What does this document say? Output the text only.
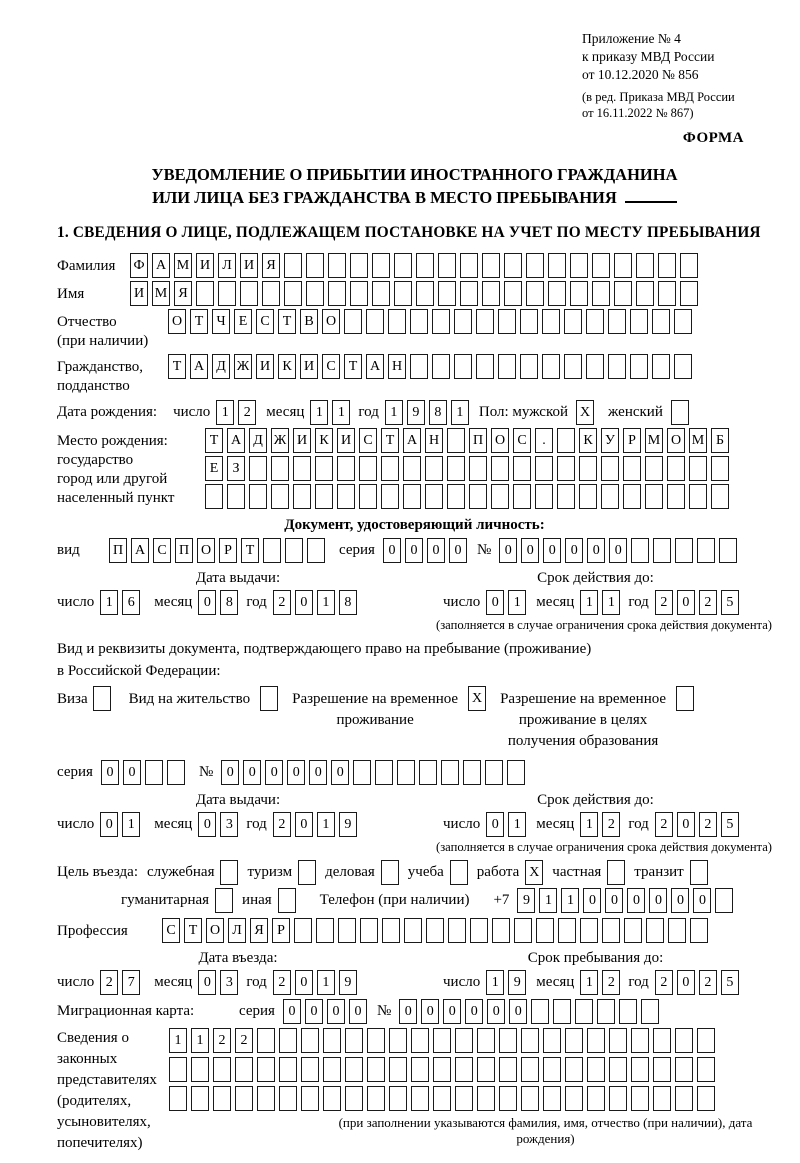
Приложение № 4
к приказу МВД России
от 10.12.2020 № 856
(в ред. Приказа МВД России
от 16.11.2022 № 867)
ФОРМА
УВЕДОМЛЕНИЕ О ПРИБЫТИИ ИНОСТРАННОГО ГРАЖДАНИНА
ИЛИ ЛИЦА БЕЗ ГРАЖДАНСТВА В МЕСТО ПРЕБЫВАНИЯ
1. СВЕДЕНИЯ О ЛИЦЕ, ПОДЛЕЖАЩЕМ ПОСТАНОВКЕ НА УЧЕТ ПО МЕСТУ ПРЕБЫВАНИЯ
Фамилия	Ф А М И Л И Я
Имя	И М Я
Отчество
(при наличии)
О Т Ч Е С Т В О
Гражданство,
подданство
Т А Д Ж И К И С Т А Н
Дата рождения: число 1	2	месяц 1	1 год 1	9	8	1	Пол: мужской X женский
Место рождения:
государство
город или другой
населенный пункт
Т А Д Ж И К И С Т А Н П О С	.	К У Р М О М Б
Е	З
Документ, удостоверяющий личность:
вид	П А С П О Р Т	серия 0	0	0	0	№ 0	0	0	0	0	0
Дата выдачи:
число 1	6	месяц 0	8 год 2	0	1	8
Срок действия до:
число 0	1	месяц 1	1 год 2	0	2	5
(заполняется в случае ограничения срока действия документа)
Вид и реквизиты документа, подтверждающего право на пребывание (проживание)
в Российской Федерации:
Виза	Вид на жительство	Разрешение на временное
проживание
X Разрешение на временное
проживание в целях
получения образования
серия 0	0	№ 0	0	0	0	0	0
Дата выдачи:
число 0	1	месяц 0	3 год 2	0	1	9
Срок действия до:
число 0	1	месяц 1	2 год 2	0	2	5
(заполняется в случае ограничения срока действия документа)
Цель въезда: служебная туризм деловая учеба работа X частная транзит
гуманитарная иная	Телефон (при наличии) +7 9	1	1	0	0	0	0	0	0
Профессия	С Т О Л Я Р
Дата въезда:
число 2	7	месяц 0	3 год 2	0	1	9
Срок пребывания до:
число 1	9	месяц 1	2 год 2	0	2	5
Миграционная карта:	серия 0	0	0	0	№ 0	0	0	0	0	0
Сведения о
законных
представителях
(родителях,
усыновителях,
попечителях)
1	1	2	2
(при заполнении указываются фамилия, имя, отчество (при наличии), дата рождения)
